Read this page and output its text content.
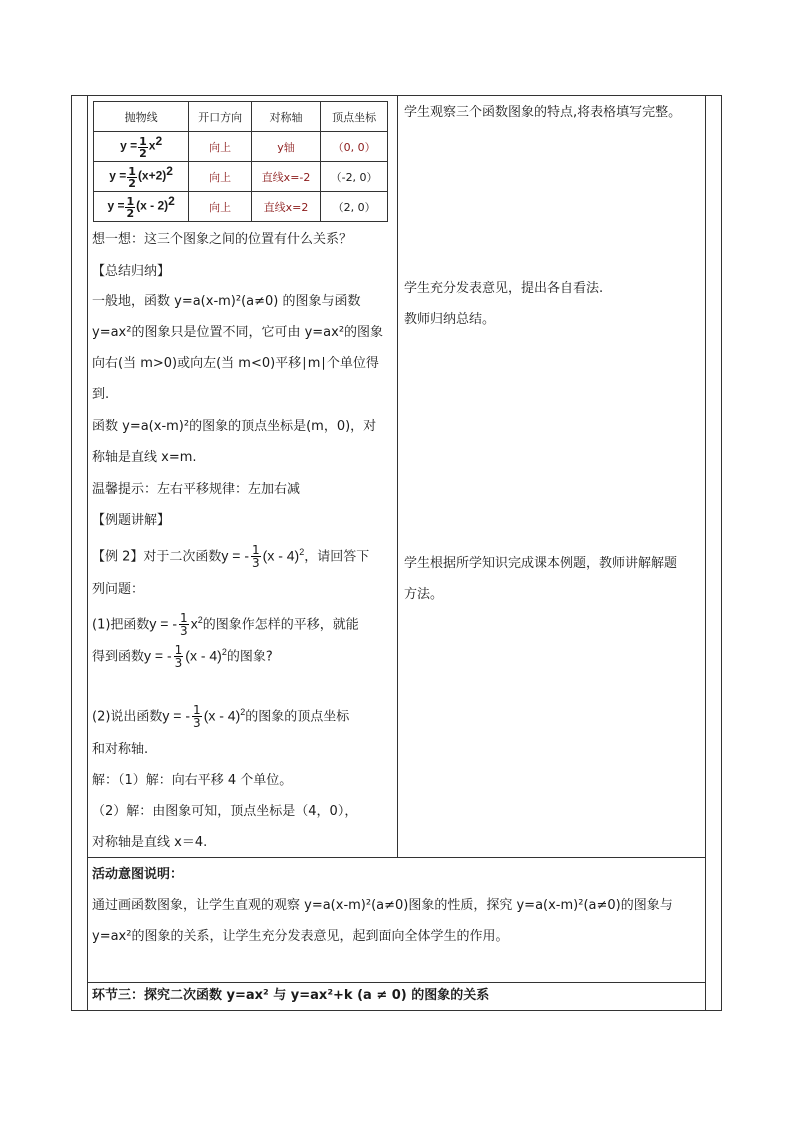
抛物线	开口方向	对称轴	顶点坐标
$y = \frac{1}{2} x^2$	向上	y轴	（0, 0）
$y = \frac{1}{2} (x+2)^2$	向上	直线x=-2	（-2, 0）
$y = \frac{1}{2} (x - 2)^2$	向上	直线x=2	（2, 0）
想一想：这三个图象之间的位置有什么关系？
【总结归纳】
一般地，函数 y=a(x-m)²(a≠0) 的图象与函数
y=ax²的图象只是位置不同，它可由 y=ax²的图象
向右(当 m>0)或向左(当 m<0)平移∣m∣个单位得
到.
函数 y=a(x-m)²的图象的顶点坐标是(m，0)，对
称轴是直线 x=m.
温馨提示：左右平移规律：左加右减
【例题讲解】
【例 2】对于二次函数y = - $\frac{1}{3} (x - 4)^2$，请回答下
列问题：
(1)把函数y = - $\frac{1}{3} x^2$的图象作怎样的平移，就能
得到函数y = - $\frac{1}{3} (x - 4)^2$的图象?
(2)说出函数y = - $\frac{1}{3} (x - 4)^2$的图象的顶点坐标
和对称轴.
解：（1）解：向右平移 4 个单位。
（2）解：由图象可知，顶点坐标是（4，0），
对称轴是直线 x＝4.
学生观察三个函数图象的特点,将表格填写完整。
学生充分发表意见，提出各自看法.
教师归纳总结。
学生根据所学知识完成课本例题，教师讲解解题
方法。
活动意图说明：
通过画函数图象，让学生直观的观察 y=a(x-m)²(a≠0)图象的性质，探究 y=a(x-m)²(a≠0)的图象与
y=ax²的图象的关系，让学生充分发表意见，起到面向全体学生的作用。
环节三：探究二次函数 y=ax² 与 y=ax²+k (a ≠ 0) 的图象的关系
